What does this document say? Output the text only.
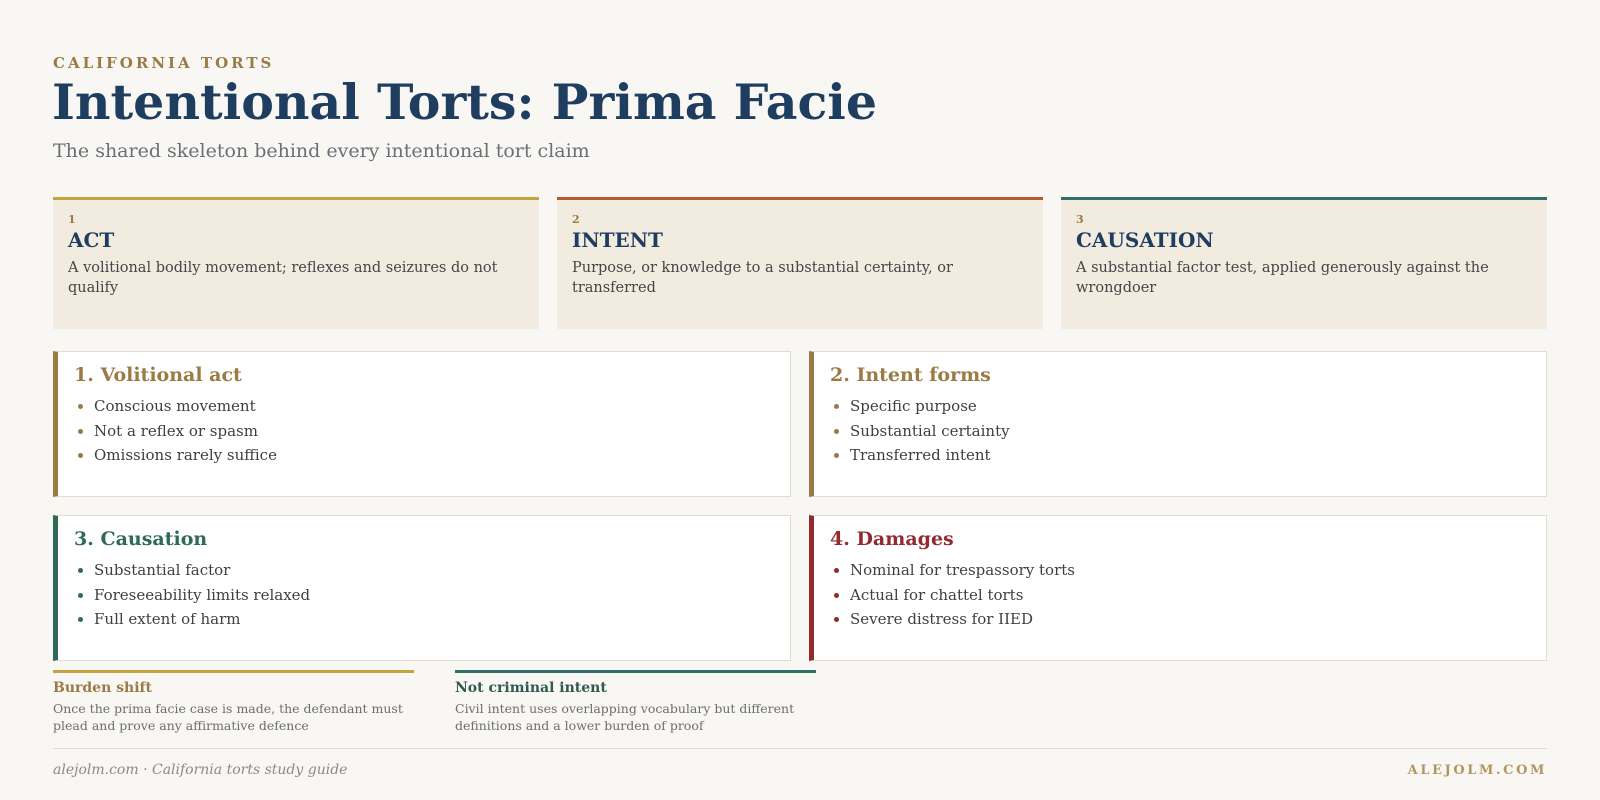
CALIFORNIA TORTS
Intentional Torts: Prima Facie
The shared skeleton behind every intentional tort claim
1
ACT
A volitional bodily movement; reflexes and seizures do not qualify
2
INTENT
Purpose, or knowledge to a substantial certainty, or transferred
3
CAUSATION
A substantial factor test, applied generously against the wrongdoer
1. Volitional act
Conscious movement
Not a reflex or spasm
Omissions rarely suffice
2. Intent forms
Specific purpose
Substantial certainty
Transferred intent
3. Causation
Substantial factor
Foreseeability limits relaxed
Full extent of harm
4. Damages
Nominal for trespassory torts
Actual for chattel torts
Severe distress for IIED
Burden shift
Once the prima facie case is made, the defendant must plead and prove any affirmative defence
Not criminal intent
Civil intent uses overlapping vocabulary but different definitions and a lower burden of proof
alejolm.com · California torts study guide	ALEJOLM.COM
